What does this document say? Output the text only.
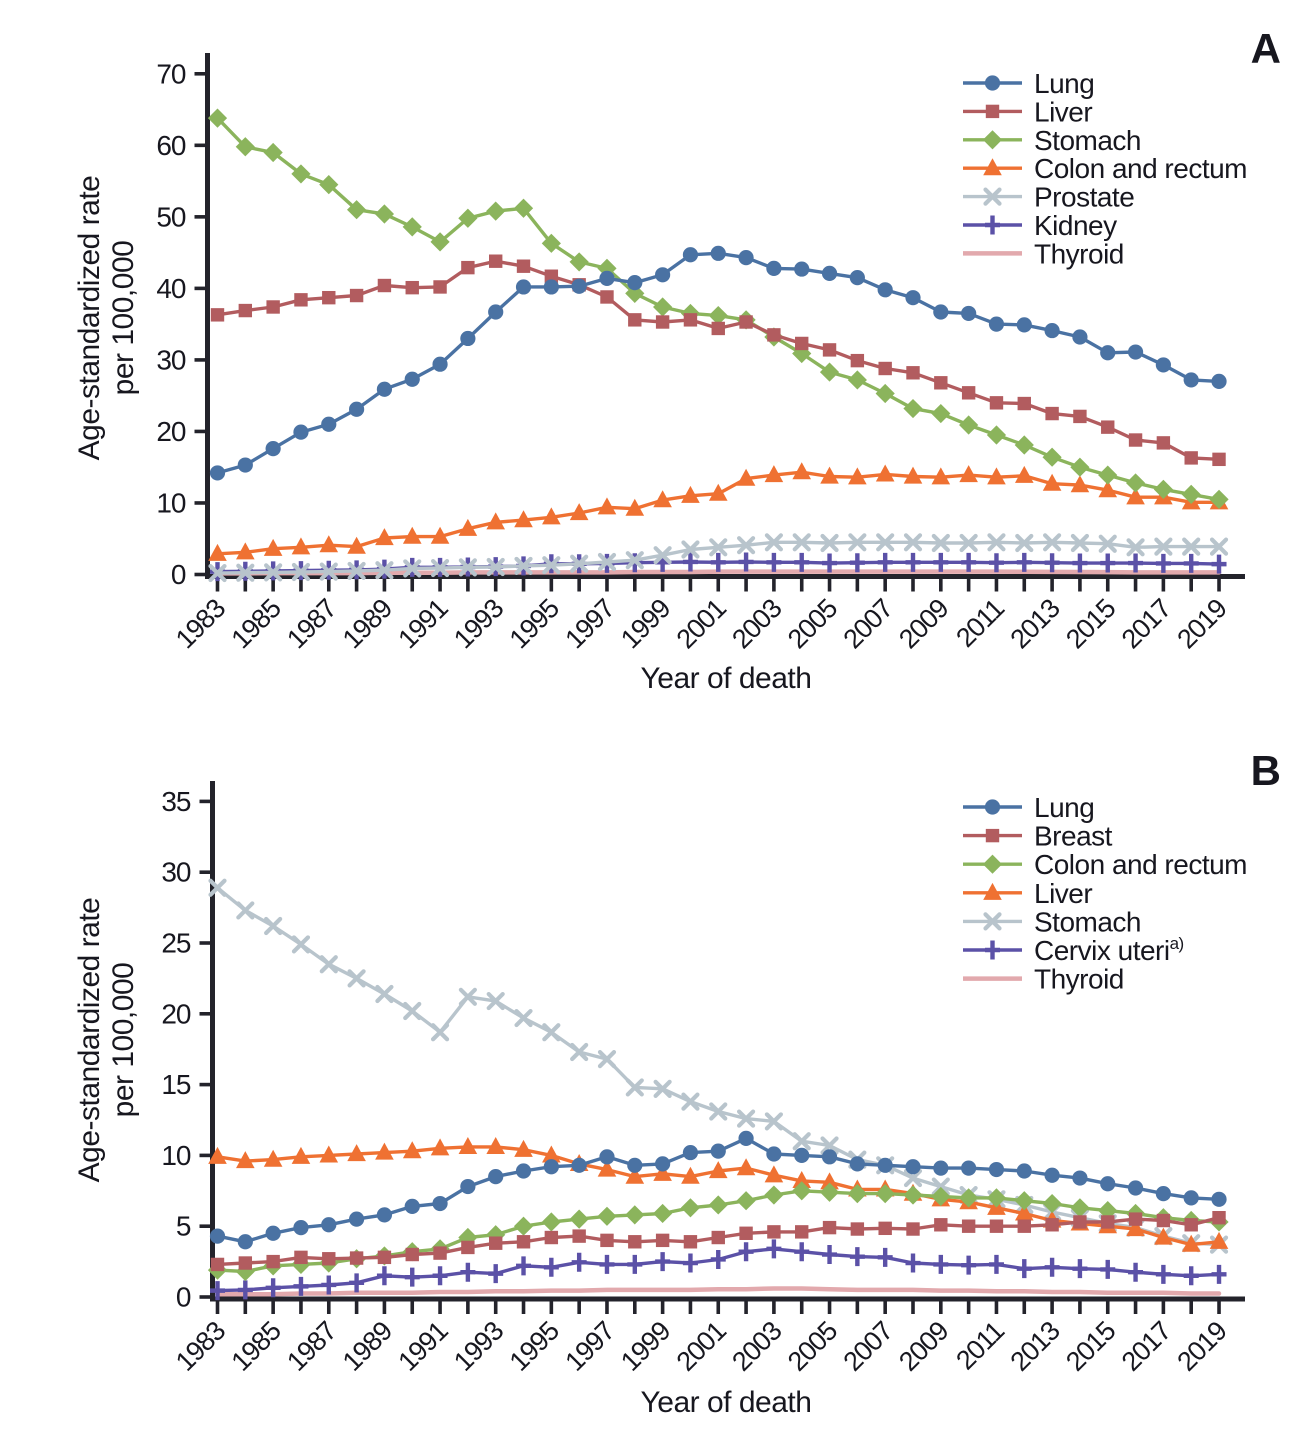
0
10
20
30
40
50
60
70
1983
1985
1987
1989
1991
1993
1995
1997
1999
2001
2003
2005
2007
2009
2011
2013
2015
2017
2019
Year of death
Age-standardized rate per 100,000
A
Lung
Liver
Stomach
Colon and rectum
Prostate
Kidney
Thyroid
0
5
10
15
20
25
30
35
1983
1985
1987
1989
1991
1993
1995
1997
1999
2001
2003
2005
2007
2009
2011
2013
2015
2017
2019
Year of death
Age-standardized rate per 100,000
B
Lung
Breast
Colon and rectum
Liver
Stomach
Cervix uteri$^{a)}$
Thyroid
